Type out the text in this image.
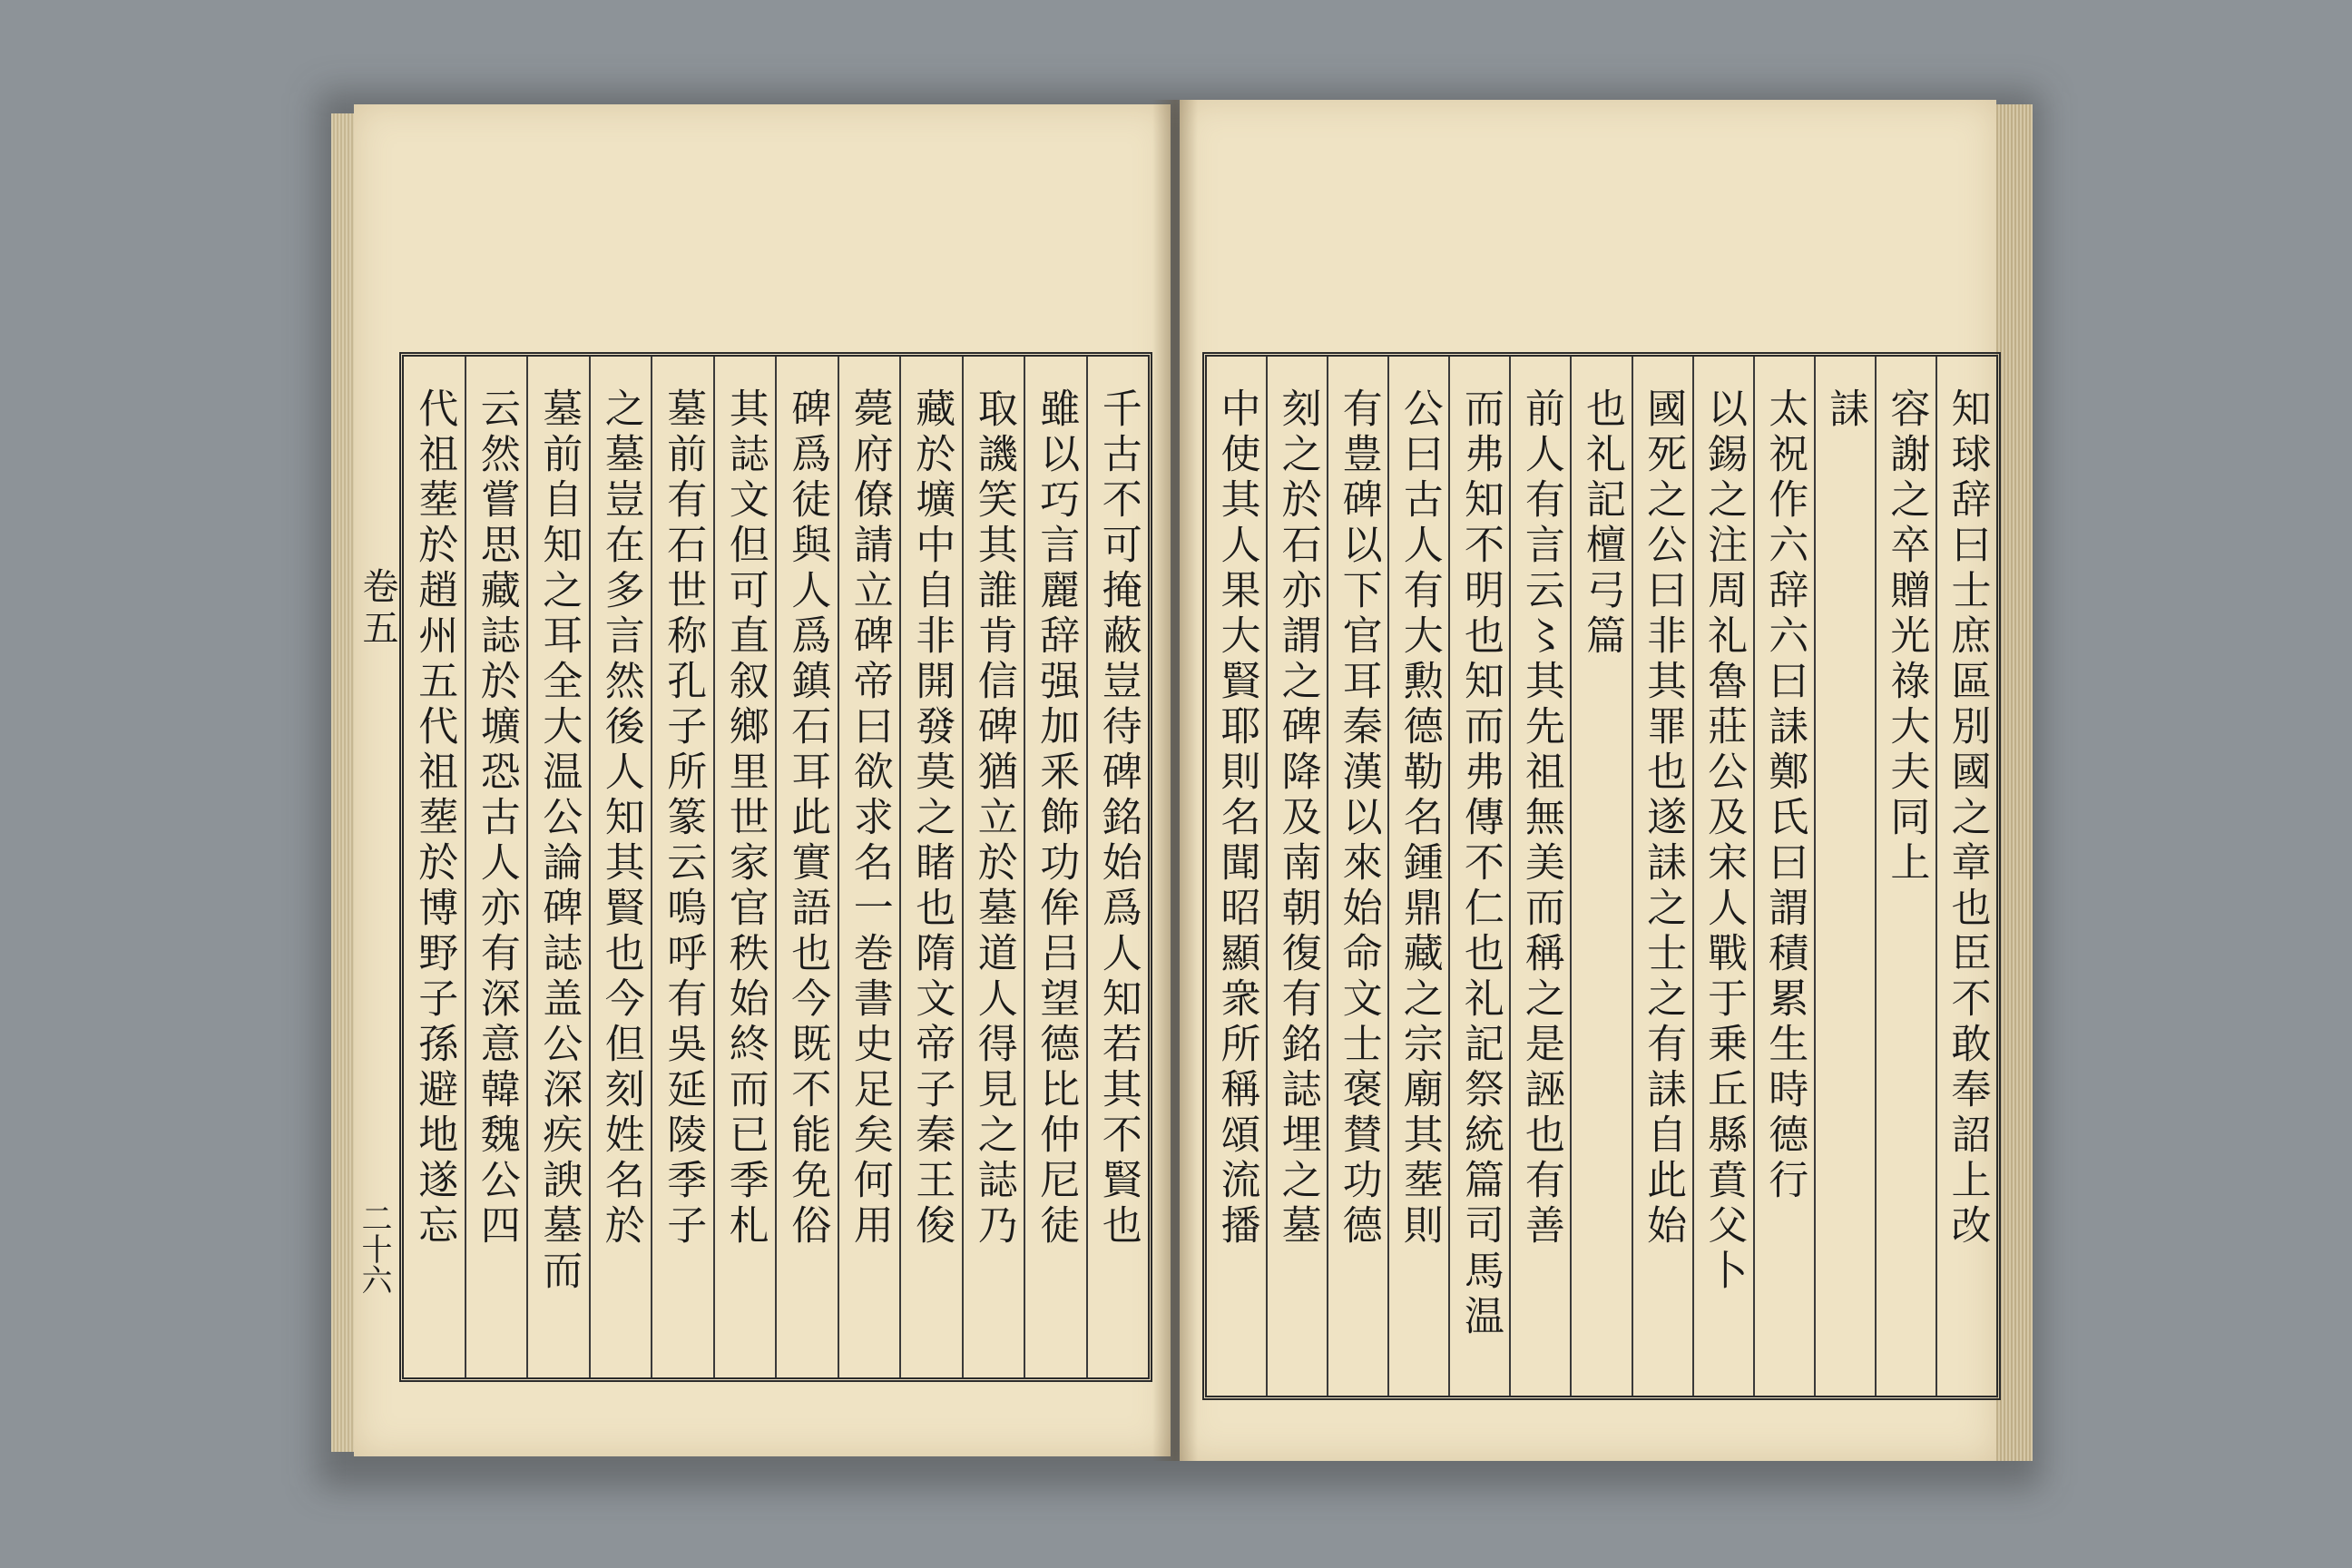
千古不可掩蔽豈待碑銘始爲人知若其不賢也
雖以巧言麗辞强加釆飾功侔吕望德比仲尼徒
取譏笑其誰肯信碑猶立於墓道人得見之誌乃
藏於壙中自非開發莫之睹也隋文帝子秦王俊
薨府僚請立碑帝曰欲求名一巻書史足矣何用
碑爲徒與人爲鎮石耳此實語也今既不能免俗
其誌文但可直叙鄉里世家官秩始終而已季札
墓前有石世称孔子所篆云嗚呼有吳延陵季子
之墓豈在多言然後人知其賢也今但刻姓名於
墓前自知之耳全大温公論碑誌盖公深疾諛墓而
云然嘗思藏誌於壙恐古人亦有深意韓魏公四
代祖塟於趙州五代祖塟於博野子孫避地遂忘
卷五
二十六	知球辞曰士庶區別國之章也臣不敢奉詔上改
容謝之卒贈光祿大夫同上
誄
太祝作六辞六曰誄鄭氏曰謂積累生時德行
以錫之注周礼魯莊公及宋人戰于乗丘縣賁父卜
國死之公曰非其罪也遂誄之士之有誄自此始
也礼記檀弓篇
前人有言云〻其先祖無美而稱之是誣也有善
而弗知不明也知而弗傳不仁也礼記祭統篇司馬温
公曰古人有大勲德勒名鍾鼎藏之宗廟其塟則
有豊碑以下官耳秦漢以來始命文士褒賛功德
刻之於石亦謂之碑降及南朝復有銘誌埋之墓
中使其人果大賢耶則名聞昭顯衆所稱頌流播
